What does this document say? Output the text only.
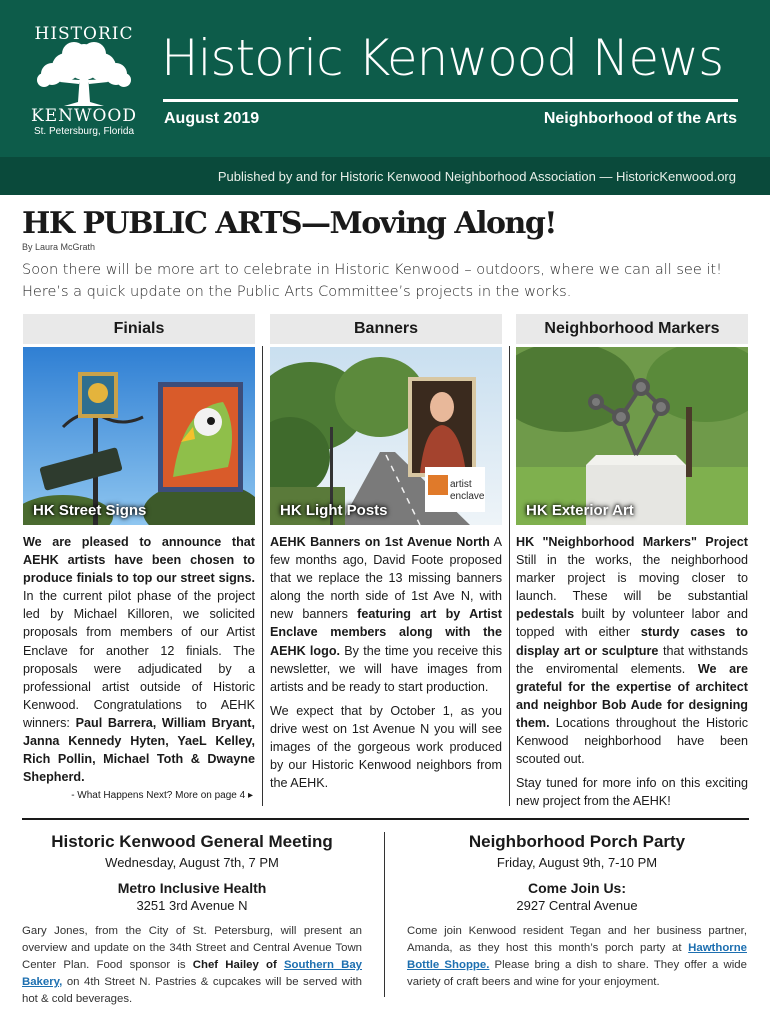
HISTORIC
KENWOOD
St. Petersburg, Florida
Historic Kenwood News
August 2019	Neighborhood of the Arts
Published by and for Historic Kenwood Neighborhood Association — HistoricKenwood.org
HK PUBLIC ARTS—Moving Along!
By Laura McGrath
Soon there will be more art to celebrate in Historic Kenwood – outdoors, where we can all see it! Here’s a quick update on the Public Arts Committee’s projects in the works.
Finials
HK Street Signs

We are pleased to announce that AEHK artists have been chosen to produce finials to top our street signs. In the current pilot phase of the project led by Michael Killoren, we solicited proposals from members of our Artist Enclave for another 12 finials. The proposals were adjudicated by a professional artist outside of Historic Kenwood. Congratulations to AEHK winners: Paul Barrera, William Bryant, Janna Kennedy Hyten, YaeL Kelley, Rich Pollin, Michael Toth & Dwayne Shepherd.

- What Happens Next? More on page 4 ▸
Banners
artist
enclave
HK Light Posts

AEHK Banners on 1st Avenue North A few months ago, David Foote proposed that we replace the 13 missing banners along the north side of 1st Ave N, with new banners featuring art by Artist Enclave members along with the AEHK logo. By the time you receive this newsletter, we will have images from artists and be ready to start production.

We expect that by October 1, as you drive west on 1st Avenue N you will see images of the gorgeous work produced by our Historic Kenwood neighbors from the AEHK.

Neighborhood Markers
HK Exterior Art

HK "Neighborhood Markers" Project Still in the works, the neighborhood marker project is moving closer to launch. These will be substantial pedestals built by volunteer labor and topped with either sturdy cases to display art or sculpture that withstands the enviromental elements. We are grateful for the expertise of architect and neighbor Bob Aude for designing them. Locations throughout the Historic Kenwood neighborhood have been scouted out.

Stay tuned for more info on this exciting new project from the AEHK!

Historic Kenwood General Meeting
Wednesday, August 7th, 7 PM
Metro Inclusive Health
3251 3rd Avenue N
Gary Jones, from the City of St. Petersburg, will present an overview and update on the 34th Street and Central Avenue Town Center Plan. Food sponsor is Chef Hailey of Southern Bay Bakery, on 4th Street N. Pastries & cupcakes will be served with hot & cold beverages.
Neighborhood Porch Party
Friday, August 9th, 7-10 PM
Come Join Us:
2927 Central Avenue
Come join Kenwood resident Tegan and her business partner, Amanda, as they host this month’s porch party at Hawthorne Bottle Shoppe. Please bring a dish to share. They offer a wide variety of craft beers and wine for your enjoyment.
